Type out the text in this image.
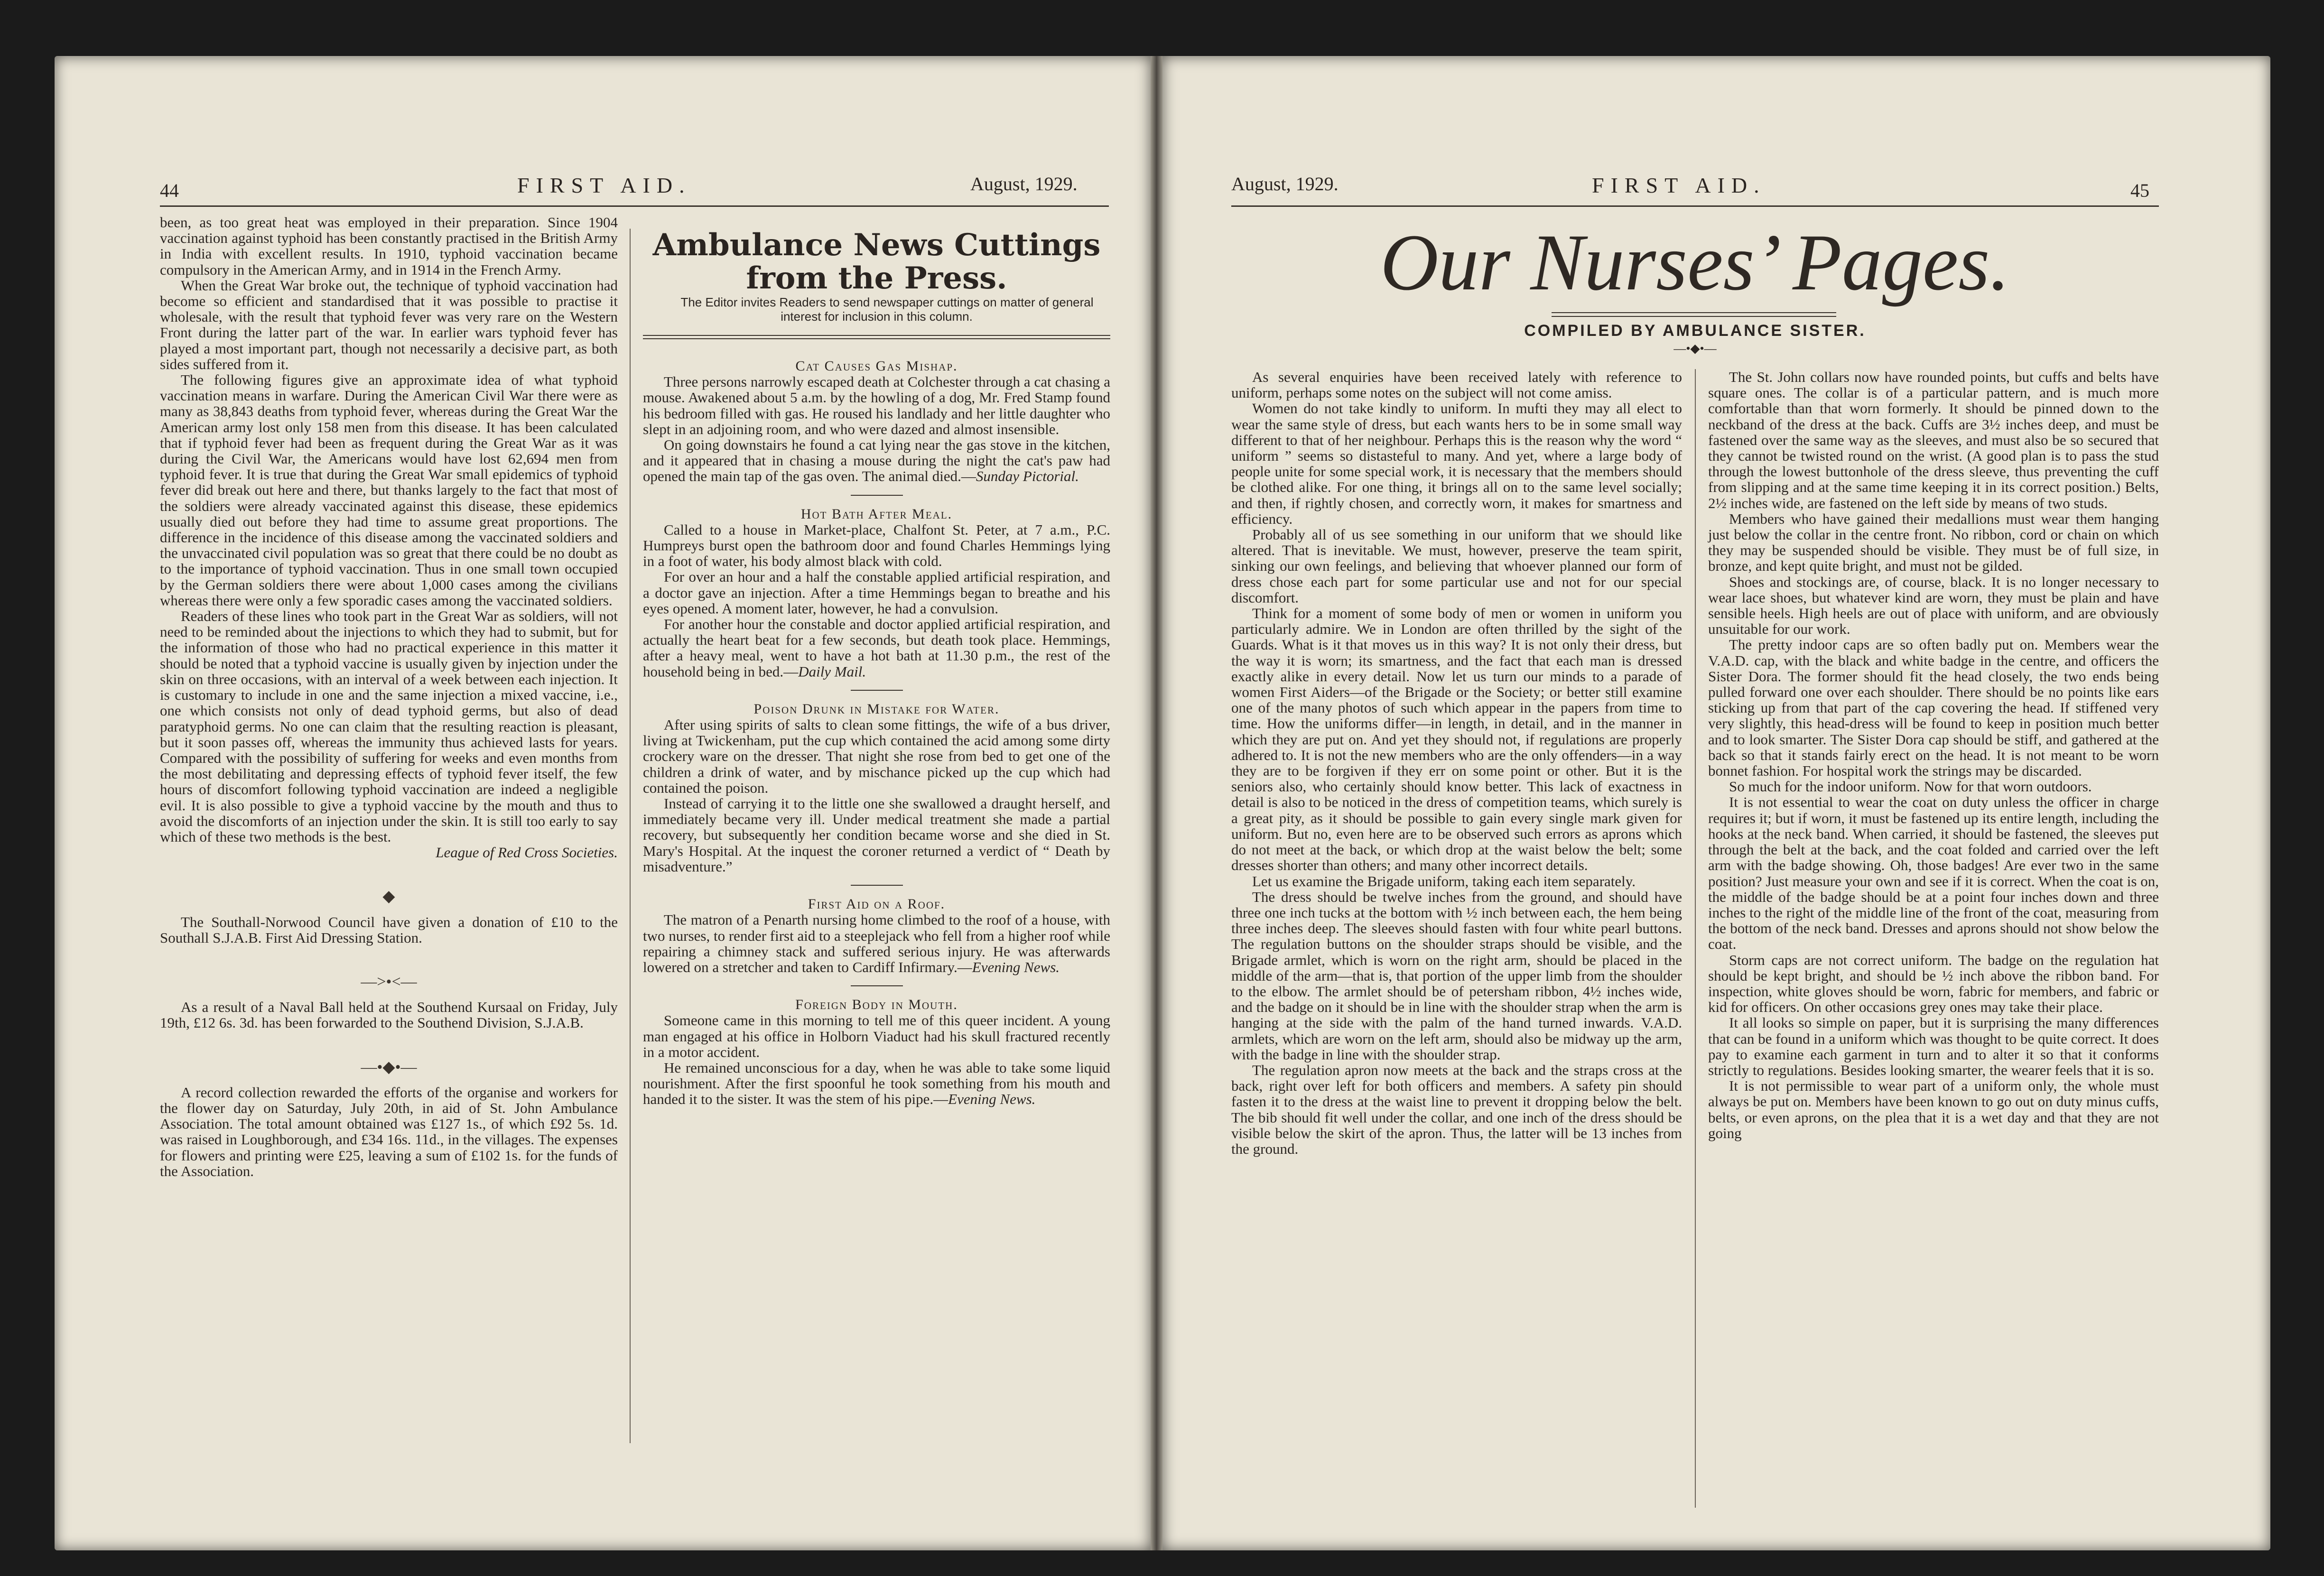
44	FIRST AID.	August, 1929.

been, as too great heat was employed in their preparation. Since 1904 vaccination against typhoid has been constantly practised in the British Army in India with excellent results. In 1910, typhoid vaccination became compulsory in the American Army, and in 1914 in the French Army.

When the Great War broke out, the technique of typhoid vaccination had become so efficient and standardised that it was possible to practise it wholesale, with the result that typhoid fever was very rare on the Western Front during the latter part of the war. In earlier wars typhoid fever has played a most important part, though not necessarily a decisive part, as both sides suffered from it.

The following figures give an approximate idea of what typhoid vaccination means in warfare. During the American Civil War there were as many as 38,843 deaths from typhoid fever, whereas during the Great War the American army lost only 158 men from this disease. It has been calculated that if typhoid fever had been as frequent during the Great War as it was during the Civil War, the Americans would have lost 62,694 men from typhoid fever. It is true that during the Great War small epidemics of typhoid fever did break out here and there, but thanks largely to the fact that most of the soldiers were already vaccinated against this disease, these epidemics usually died out before they had time to assume great proportions. The difference in the incidence of this disease among the vaccinated soldiers and the unvaccinated civil population was so great that there could be no doubt as to the importance of typhoid vaccination. Thus in one small town occupied by the German soldiers there were about 1,000 cases among the civilians whereas there were only a few sporadic cases among the vaccinated soldiers.

Readers of these lines who took part in the Great War as soldiers, will not need to be reminded about the injections to which they had to submit, but for the information of those who had no practical experience in this matter it should be noted that a typhoid vaccine is usually given by injection under the skin on three occasions, with an interval of a week between each injection. It is customary to include in one and the same injection a mixed vaccine, i.e., one which consists not only of dead typhoid germs, but also of dead paratyphoid germs. No one can claim that the resulting reaction is pleasant, but it soon passes off, whereas the immunity thus achieved lasts for years. Compared with the possibility of suffering for weeks and even months from the most debilitating and depressing effects of typhoid fever itself, the few hours of discomfort following typhoid vaccination are indeed a negligible evil. It is also possible to give a typhoid vaccine by the mouth and thus to avoid the discomforts of an injection under the skin. It is still too early to say which of these two methods is the best.

League of Red Cross Societies.

◆

The Southall-Norwood Council have given a donation of £10 to the Southall S.J.A.B. First Aid Dressing Station.

—>•<—

As a result of a Naval Ball held at the Southend Kursaal on Friday, July 19th, £12 6s. 3d. has been forwarded to the Southend Division, S.J.A.B.

—•◆•—

A record collection rewarded the efforts of the organise and workers for the flower day on Saturday, July 20th, in aid of St. John Ambulance Association. The total amount obtained was £127 1s., of which £92 5s. 1d. was raised in Loughborough, and £34 16s. 11d., in the villages. The expenses for flowers and printing were £25, leaving a sum of £102 1s. for the funds of the Association.

Ambulance News Cuttings from the Press.

The Editor invites Readers to send newspaper cuttings on matter of general interest for inclusion in this column.

Cat Causes Gas Mishap.

Three persons narrowly escaped death at Colchester through a cat chasing a mouse. Awakened about 5 a.m. by the howling of a dog, Mr. Fred Stamp found his bedroom filled with gas. He roused his landlady and her little daughter who slept in an adjoining room, and who were dazed and almost insensible.

On going downstairs he found a cat lying near the gas stove in the kitchen, and it appeared that in chasing a mouse during the night the cat's paw had opened the main tap of the gas oven. The animal died.—Sunday Pictorial.

Hot Bath After Meal.

Called to a house in Market-place, Chalfont St. Peter, at 7 a.m., P.C. Humpreys burst open the bathroom door and found Charles Hemmings lying in a foot of water, his body almost black with cold.

For over an hour and a half the constable applied artificial respiration, and a doctor gave an injection. After a time Hemmings began to breathe and his eyes opened. A moment later, however, he had a convulsion.

For another hour the constable and doctor applied artificial respiration, and actually the heart beat for a few seconds, but death took place. Hemmings, after a heavy meal, went to have a hot bath at 11.30 p.m., the rest of the household being in bed.—Daily Mail.

Poison Drunk in Mistake for Water.

After using spirits of salts to clean some fittings, the wife of a bus driver, living at Twickenham, put the cup which contained the acid among some dirty crockery ware on the dresser. That night she rose from bed to get one of the children a drink of water, and by mischance picked up the cup which had contained the poison.

Instead of carrying it to the little one she swallowed a draught herself, and immediately became very ill. Under medical treatment she made a partial recovery, but subsequently her condition became worse and she died in St. Mary's Hospital. At the inquest the coroner returned a verdict of “ Death by misadventure.”

First Aid on a Roof.

The matron of a Penarth nursing home climbed to the roof of a house, with two nurses, to render first aid to a steeplejack who fell from a higher roof while repairing a chimney stack and suffered serious injury. He was afterwards lowered on a stretcher and taken to Cardiff Infirmary.—Evening News.

Foreign Body in Mouth.

Someone came in this morning to tell me of this queer incident. A young man engaged at his office in Holborn Viaduct had his skull fractured recently in a motor accident.

He remained unconscious for a day, when he was able to take some liquid nourishment. After the first spoonful he took something from his mouth and handed it to the sister. It was the stem of his pipe.—Evening News.

August, 1929.	FIRST AID.	45
Our Nurses’ Pages.
COMPILED BY AMBULANCE SISTER.
—•◆•—

As several enquiries have been received lately with reference to uniform, perhaps some notes on the subject will not come amiss.

Women do not take kindly to uniform. In mufti they may all elect to wear the same style of dress, but each wants hers to be in some small way different to that of her neighbour. Perhaps this is the reason why the word “ uniform ” seems so distasteful to many. And yet, where a large body of people unite for some special work, it is necessary that the members should be clothed alike. For one thing, it brings all on to the same level socially; and then, if rightly chosen, and correctly worn, it makes for smartness and efficiency.

Probably all of us see something in our uniform that we should like altered. That is inevitable. We must, however, preserve the team spirit, sinking our own feelings, and believing that whoever planned our form of dress chose each part for some particular use and not for our special discomfort.

Think for a moment of some body of men or women in uniform you particularly admire. We in London are often thrilled by the sight of the Guards. What is it that moves us in this way? It is not only their dress, but the way it is worn; its smartness, and the fact that each man is dressed exactly alike in every detail. Now let us turn our minds to a parade of women First Aiders—of the Brigade or the Society; or better still examine one of the many photos of such which appear in the papers from time to time. How the uniforms differ—in length, in detail, and in the manner in which they are put on. And yet they should not, if regulations are properly adhered to. It is not the new members who are the only offenders—in a way they are to be forgiven if they err on some point or other. But it is the seniors also, who certainly should know better. This lack of exactness in detail is also to be noticed in the dress of competition teams, which surely is a great pity, as it should be possible to gain every single mark given for uniform. But no, even here are to be observed such errors as aprons which do not meet at the back, or which drop at the waist below the belt; some dresses shorter than others; and many other incorrect details.

Let us examine the Brigade uniform, taking each item separately.

The dress should be twelve inches from the ground, and should have three one inch tucks at the bottom with ½ inch between each, the hem being three inches deep. The sleeves should fasten with four white pearl buttons. The regulation buttons on the shoulder straps should be visible, and the Brigade armlet, which is worn on the right arm, should be placed in the middle of the arm—that is, that portion of the upper limb from the shoulder to the elbow. The armlet should be of petersham ribbon, 4½ inches wide, and the badge on it should be in line with the shoulder strap when the arm is hanging at the side with the palm of the hand turned inwards. V.A.D. armlets, which are worn on the left arm, should also be midway up the arm, with the badge in line with the shoulder strap.

The regulation apron now meets at the back and the straps cross at the back, right over left for both officers and members. A safety pin should fasten it to the dress at the waist line to prevent it dropping below the belt. The bib should fit well under the collar, and one inch of the dress should be visible below the skirt of the apron. Thus, the latter will be 13 inches from the ground.

The St. John collars now have rounded points, but cuffs and belts have square ones. The collar is of a particular pattern, and is much more comfortable than that worn formerly. It should be pinned down to the neckband of the dress at the back. Cuffs are 3½ inches deep, and must be fastened over the same way as the sleeves, and must also be so secured that they cannot be twisted round on the wrist. (A good plan is to pass the stud through the lowest buttonhole of the dress sleeve, thus preventing the cuff from slipping and at the same time keeping it in its correct position.) Belts, 2½ inches wide, are fastened on the left side by means of two studs.

Members who have gained their medallions must wear them hanging just below the collar in the centre front. No ribbon, cord or chain on which they may be suspended should be visible. They must be of full size, in bronze, and kept quite bright, and must not be gilded.

Shoes and stockings are, of course, black. It is no longer necessary to wear lace shoes, but whatever kind are worn, they must be plain and have sensible heels. High heels are out of place with uniform, and are obviously unsuitable for our work.

The pretty indoor caps are so often badly put on. Members wear the V.A.D. cap, with the black and white badge in the centre, and officers the Sister Dora. The former should fit the head closely, the two ends being pulled forward one over each shoulder. There should be no points like ears sticking up from that part of the cap covering the head. If stiffened very very slightly, this head-dress will be found to keep in position much better and to look smarter. The Sister Dora cap should be stiff, and gathered at the back so that it stands fairly erect on the head. It is not meant to be worn bonnet fashion. For hospital work the strings may be discarded.

So much for the indoor uniform. Now for that worn outdoors.

It is not essential to wear the coat on duty unless the officer in charge requires it; but if worn, it must be fastened up its entire length, including the hooks at the neck band. When carried, it should be fastened, the sleeves put through the belt at the back, and the coat folded and carried over the left arm with the badge showing. Oh, those badges! Are ever two in the same position? Just measure your own and see if it is correct. When the coat is on, the middle of the badge should be at a point four inches down and three inches to the right of the middle line of the front of the coat, measuring from the bottom of the neck band. Dresses and aprons should not show below the coat.

Storm caps are not correct uniform. The badge on the regulation hat should be kept bright, and should be ½ inch above the ribbon band. For inspection, white gloves should be worn, fabric for members, and fabric or kid for officers. On other occasions grey ones may take their place.

It all looks so simple on paper, but it is surprising the many differences that can be found in a uniform which was thought to be quite correct. It does pay to examine each garment in turn and to alter it so that it conforms strictly to regulations. Besides looking smarter, the wearer feels that it is so.

It is not permissible to wear part of a uniform only, the whole must always be put on. Members have been known to go out on duty minus cuffs, belts, or even aprons, on the plea that it is a wet day and that they are not going
